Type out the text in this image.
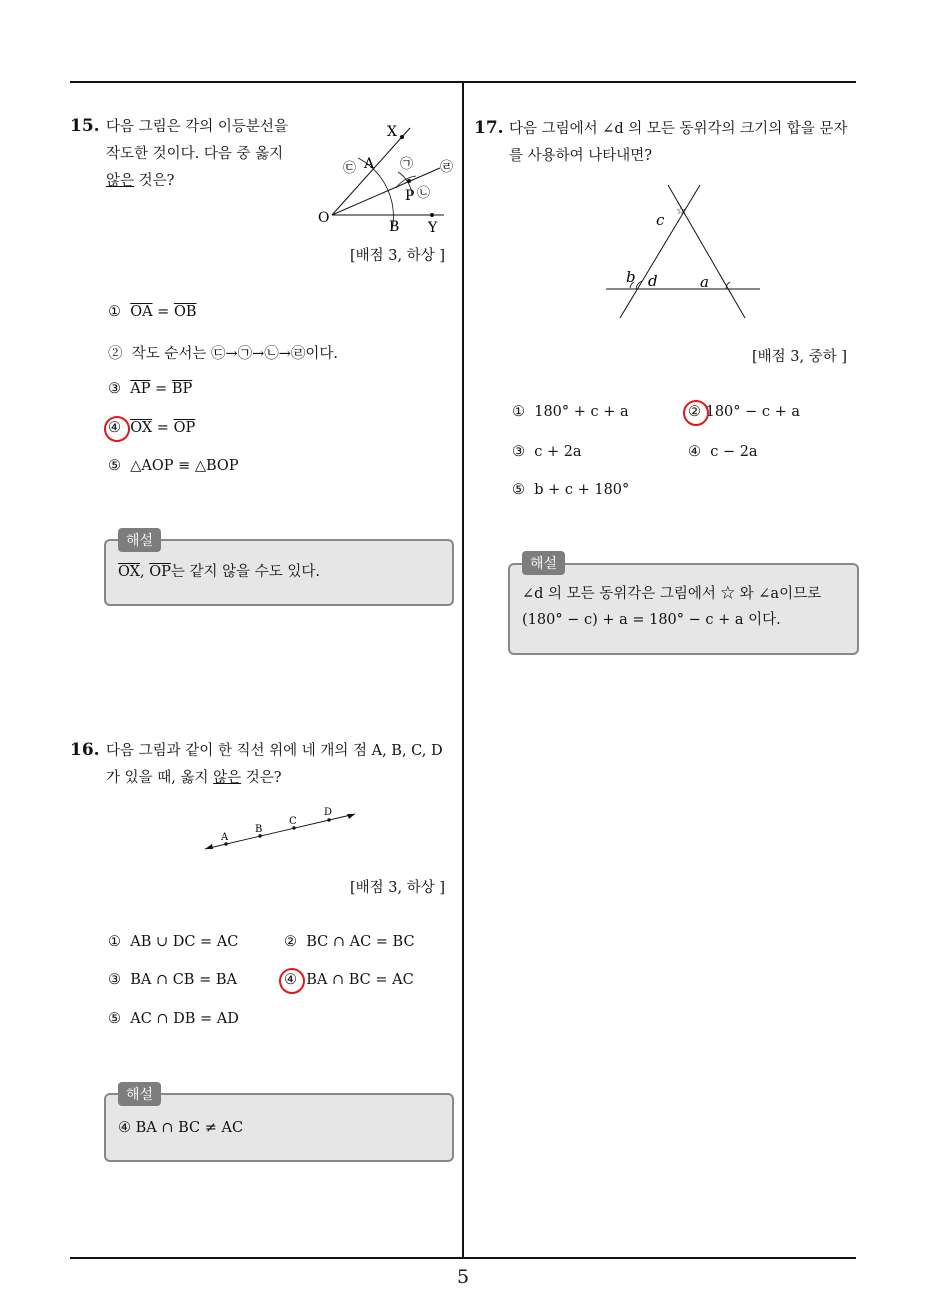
5
15. 다음 그림은 각의 이등분선을
작도한 것이다. 다음 중 옳지
않은 것은?
X
A
㉢	㉠ ㉣
P ㉡
O
B Y
[배점 3, 하상 ]
① $\overline{OA} = \overline{OB}$
② 작도 순서는 ㉢→㉠→㉡→㉣이다.
③ $\overline{AP} = \overline{BP}$
④ $\overline{OX} = \overline{OP}$
⑤ △AOP ≡ △BOP
해설
$\overline{OX}$, $\overline{OP}$는 같지 않을 수도 있다.
16. 다음 그림과 같이 한 직선 위에 네 개의 점 A, B, C, D
가 있을 때, 옳지 않은 것은?
A
B
C
D
[배점 3, 하상 ]
① AB ∪ DC = AC	② BC ∩ AC = BC
③ BA ∩ CB = BA	④ BA ∩ BC = AC
⑤ AC ∩ DB = AD
해설
④ BA ∩ BC ≠ AC
17. 다음 그림에서 ∠d 의 모든 동위각의 크기의 합을 문자
를 사용하여 나타내면?
c
☆
b d	a
[배점 3, 중하 ]
① 180° + c + a	② 180° − c + a
③ c + 2a	④ c − 2a
⑤ b + c + 180°
해설
∠d 의 모든 동위각은 그림에서 ☆ 와 ∠a이므로
(180° − c) + a = 180° − c + a 이다.
